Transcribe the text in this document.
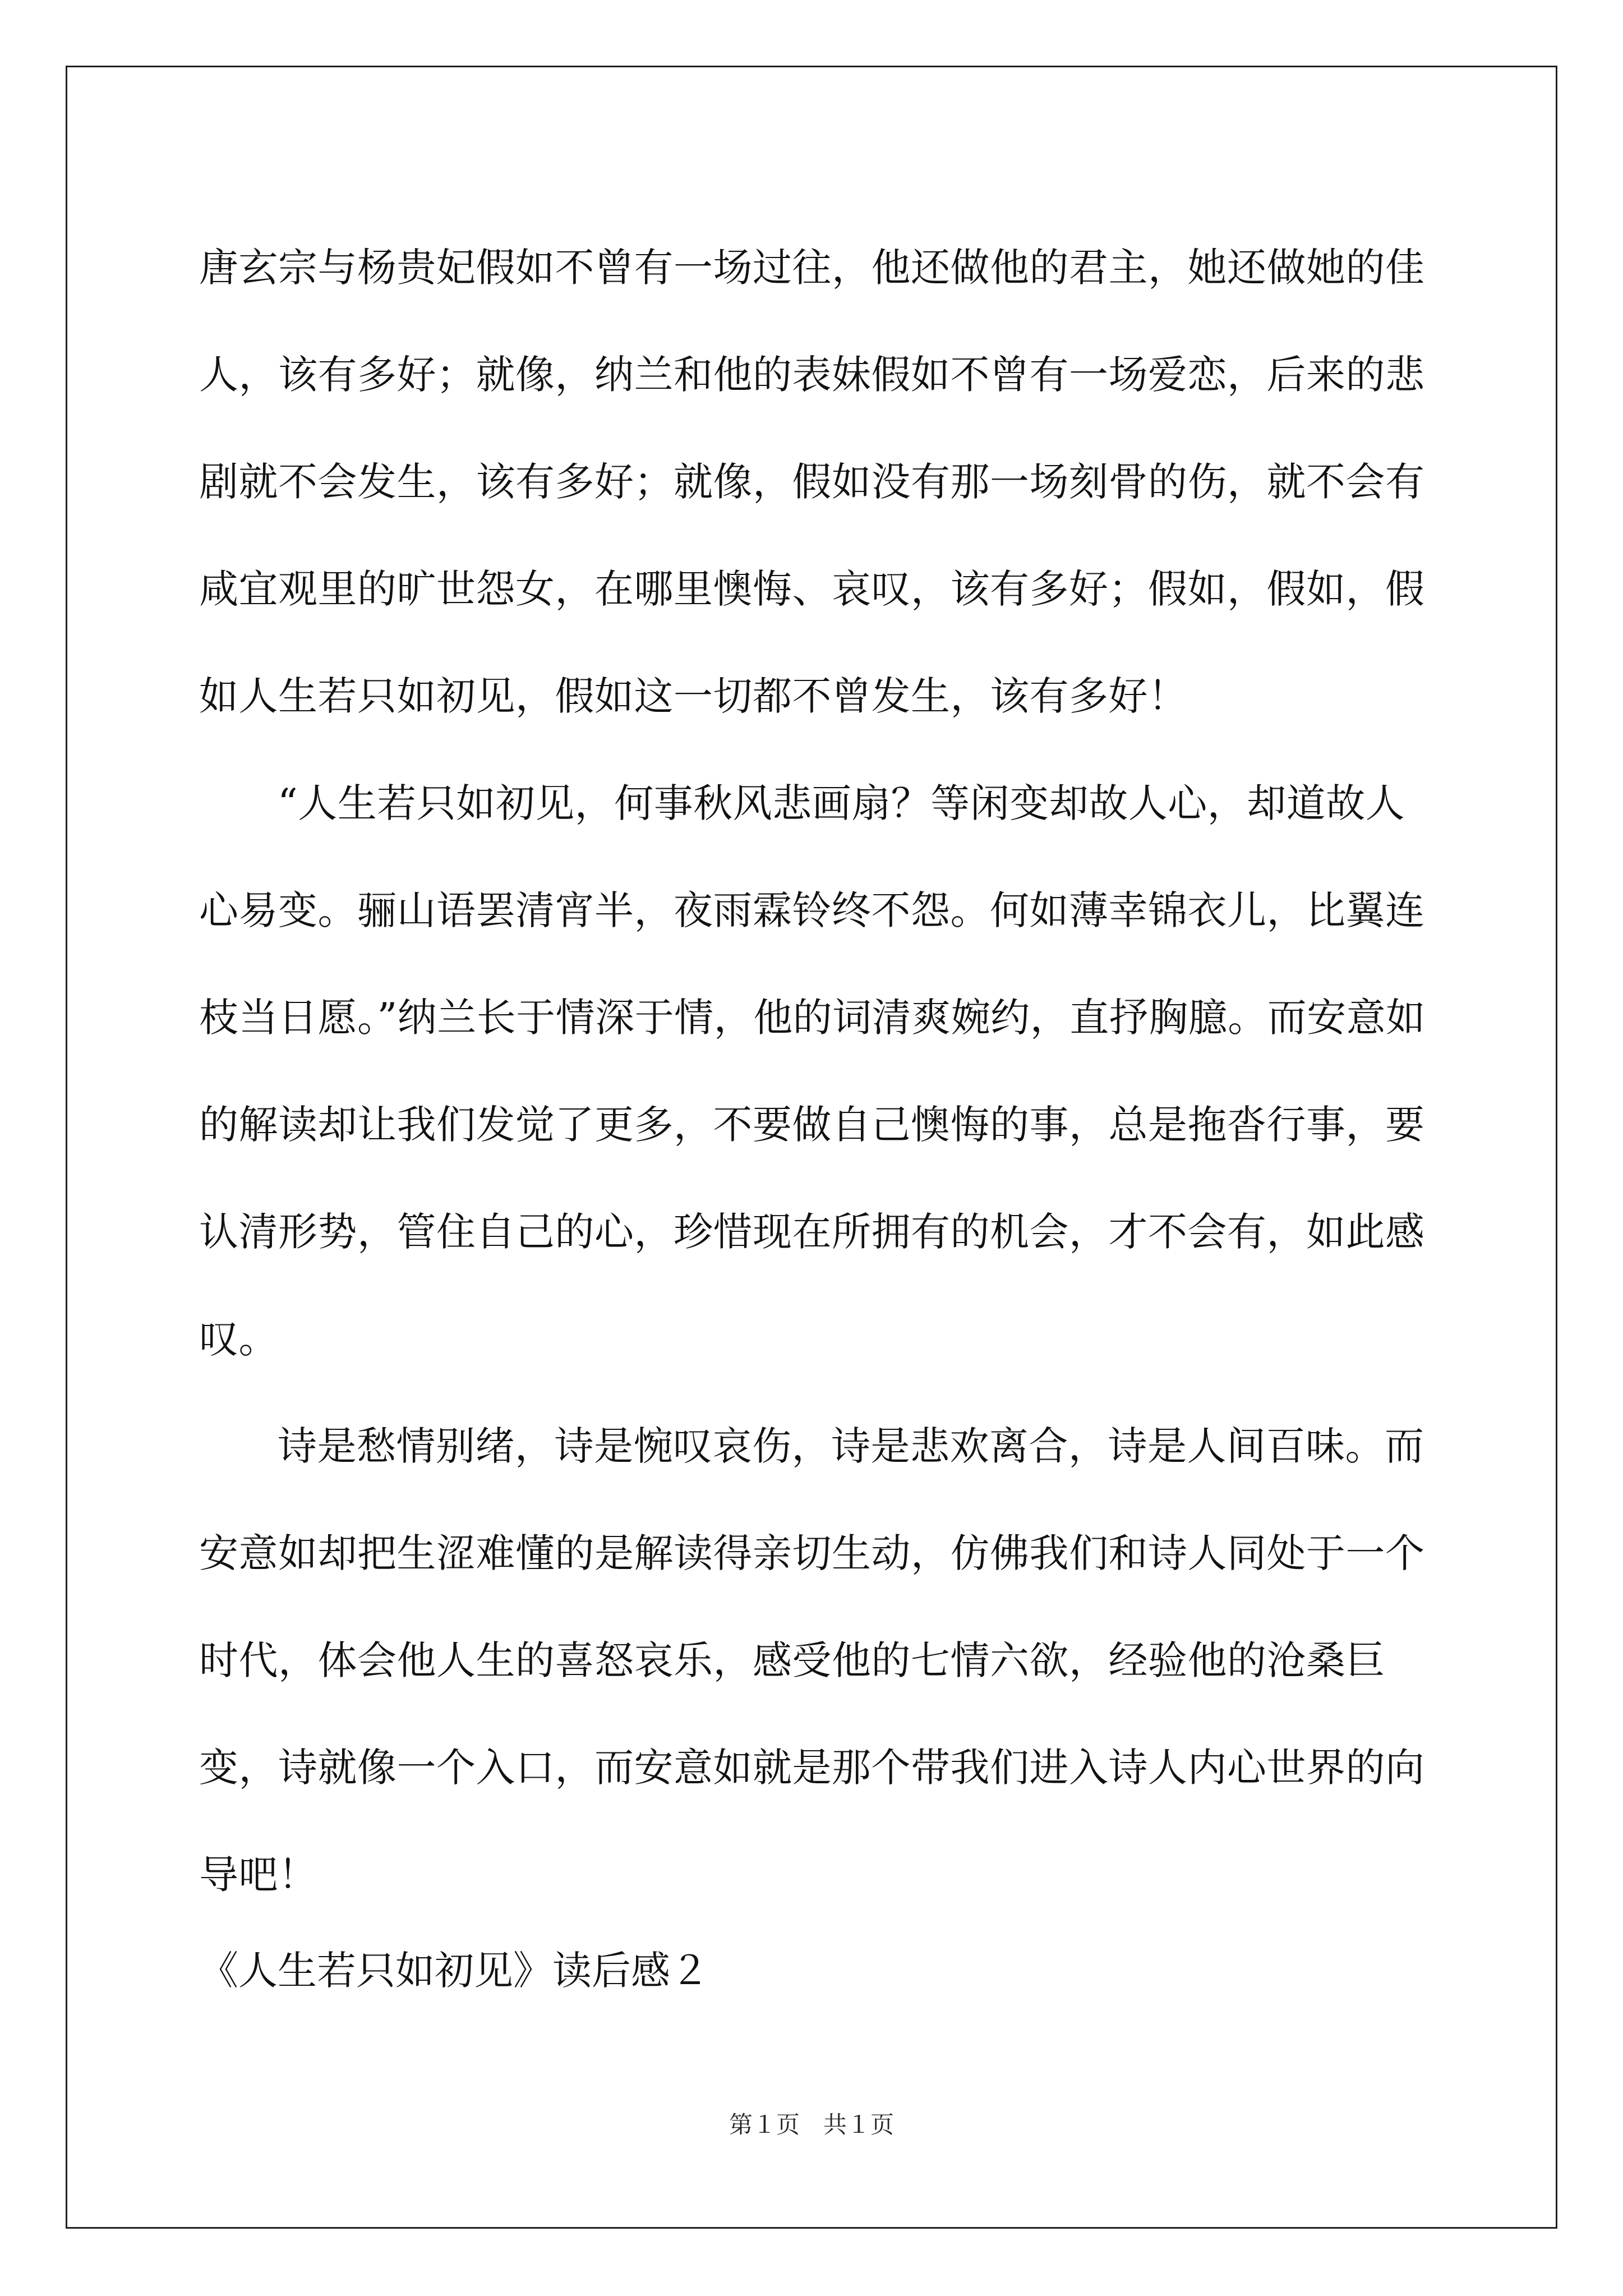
唐玄宗与杨贵妃假如不曾有一场过往，他还做他的君主，她还做她的佳人，该有多好；就像，纳兰和他的表妹假如不曾有一场爱恋，后来的悲剧就不会发生，该有多好；就像，假如没有那一场刻骨的伤，就不会有咸宜观里的旷世怨女，在哪里懊悔、哀叹，该有多好；假如，假如，假如人生若只如初见，假如这一切都不曾发生，该有多好！

“人生若只如初见，何事秋风悲画扇？等闲变却故人心，却道故人心易变。骊山语罢清宵半，夜雨霖铃终不怨。何如薄幸锦衣儿，比翼连枝当日愿。”纳兰长于情深于情，他的词清爽婉约，直抒胸臆。而安意如的解读却让我们发觉了更多，不要做自己懊悔的事，总是拖沓行事，要认清形势，管住自己的心，珍惜现在所拥有的机会，才不会有，如此感叹。

诗是愁情别绪，诗是惋叹哀伤，诗是悲欢离合，诗是人间百味。而安意如却把生涩难懂的是解读得亲切生动，仿佛我们和诗人同处于一个时代，体会他人生的喜怒哀乐，感受他的七情六欲，经验他的沧桑巨变，诗就像一个入口，而安意如就是那个带我们进入诗人内心世界的向导吧！

《人生若只如初见》读后感２

第１页　共１页
